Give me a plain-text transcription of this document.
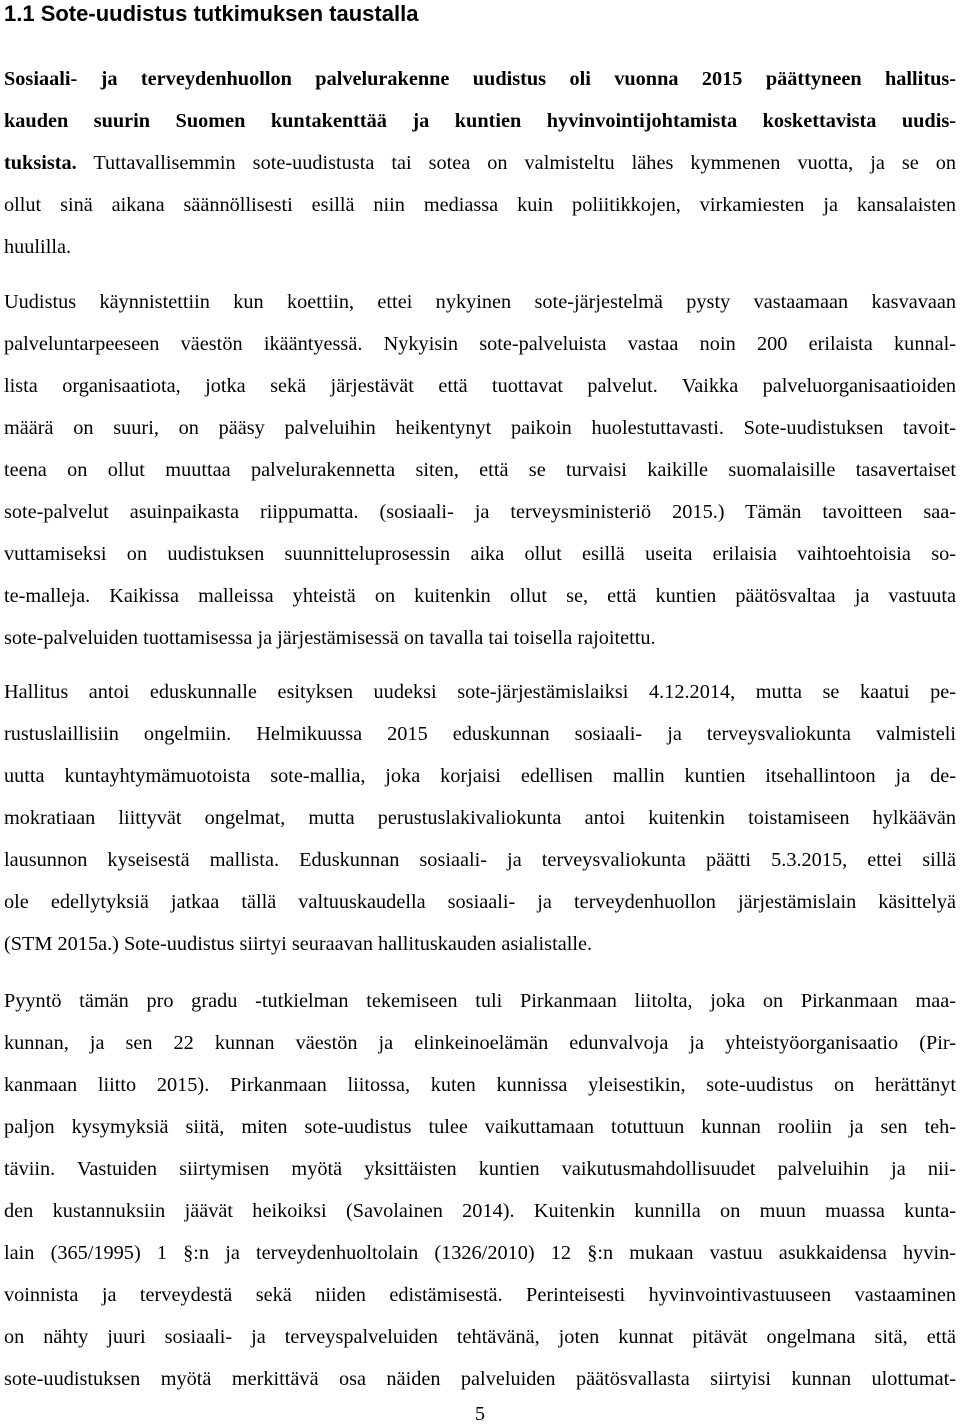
1.1 Sote-uudistus tutkimuksen taustalla
Sosiaali- ja terveydenhuollon palvelurakenne uudistus oli vuonna 2015 päättyneen hallitus-
kauden suurin Suomen kuntakenttää ja kuntien hyvinvointijohtamista koskettavista uudis-
tuksista. Tuttavallisemmin sote-uudistusta tai sotea on valmisteltu lähes kymmenen vuotta, ja se on
ollut sinä aikana säännöllisesti esillä niin mediassa kuin poliitikkojen, virkamiesten ja kansalaisten
huulilla.
Uudistus käynnistettiin kun koettiin, ettei nykyinen sote-järjestelmä pysty vastaamaan kasvavaan
palveluntarpeeseen väestön ikääntyessä. Nykyisin sote-palveluista vastaa noin 200 erilaista kunnal-
lista organisaatiota, jotka sekä järjestävät että tuottavat palvelut. Vaikka palveluorganisaatioiden
määrä on suuri, on pääsy palveluihin heikentynyt paikoin huolestuttavasti. Sote-uudistuksen tavoit-
teena on ollut muuttaa palvelurakennetta siten, että se turvaisi kaikille suomalaisille tasavertaiset
sote-palvelut asuinpaikasta riippumatta. (sosiaali- ja terveysministeriö 2015.) Tämän tavoitteen saa-
vuttamiseksi on uudistuksen suunnitteluprosessin aika ollut esillä useita erilaisia vaihtoehtoisia so-
te-malleja. Kaikissa malleissa yhteistä on kuitenkin ollut se, että kuntien päätösvaltaa ja vastuuta
sote-palveluiden tuottamisessa ja järjestämisessä on tavalla tai toisella rajoitettu.
Hallitus antoi eduskunnalle esityksen uudeksi sote-järjestämislaiksi 4.12.2014, mutta se kaatui pe-
rustuslaillisiin ongelmiin. Helmikuussa 2015 eduskunnan sosiaali- ja terveysvaliokunta valmisteli
uutta kuntayhtymämuotoista sote-mallia, joka korjaisi edellisen mallin kuntien itsehallintoon ja de-
mokratiaan liittyvät ongelmat, mutta perustuslakivaliokunta antoi kuitenkin toistamiseen hylkäävän
lausunnon kyseisestä mallista. Eduskunnan sosiaali- ja terveysvaliokunta päätti 5.3.2015, ettei sillä
ole edellytyksiä jatkaa tällä valtuuskaudella sosiaali- ja terveydenhuollon järjestämislain käsittelyä
(STM 2015a.) Sote-uudistus siirtyi seuraavan hallituskauden asialistalle.
Pyyntö tämän pro gradu -tutkielman tekemiseen tuli Pirkanmaan liitolta, joka on Pirkanmaan maa-
kunnan, ja sen 22 kunnan väestön ja elinkeinoelämän edunvalvoja ja yhteistyöorganisaatio (Pir-
kanmaan liitto 2015). Pirkanmaan liitossa, kuten kunnissa yleisestikin, sote-uudistus on herättänyt
paljon kysymyksiä siitä, miten sote-uudistus tulee vaikuttamaan totuttuun kunnan rooliin ja sen teh-
täviin. Vastuiden siirtymisen myötä yksittäisten kuntien vaikutusmahdollisuudet palveluihin ja nii-
den kustannuksiin jäävät heikoiksi (Savolainen 2014). Kuitenkin kunnilla on muun muassa kunta-
lain (365/1995) 1 §:n ja terveydenhuoltolain (1326/2010) 12 §:n mukaan vastuu asukkaidensa hyvin-
voinnista ja terveydestä sekä niiden edistämisestä. Perinteisesti hyvinvointivastuuseen vastaaminen
on nähty juuri sosiaali- ja terveyspalveluiden tehtävänä, joten kunnat pitävät ongelmana sitä, että
sote-uudistuksen myötä merkittävä osa näiden palveluiden päätösvallasta siirtyisi kunnan ulottumat-
5
